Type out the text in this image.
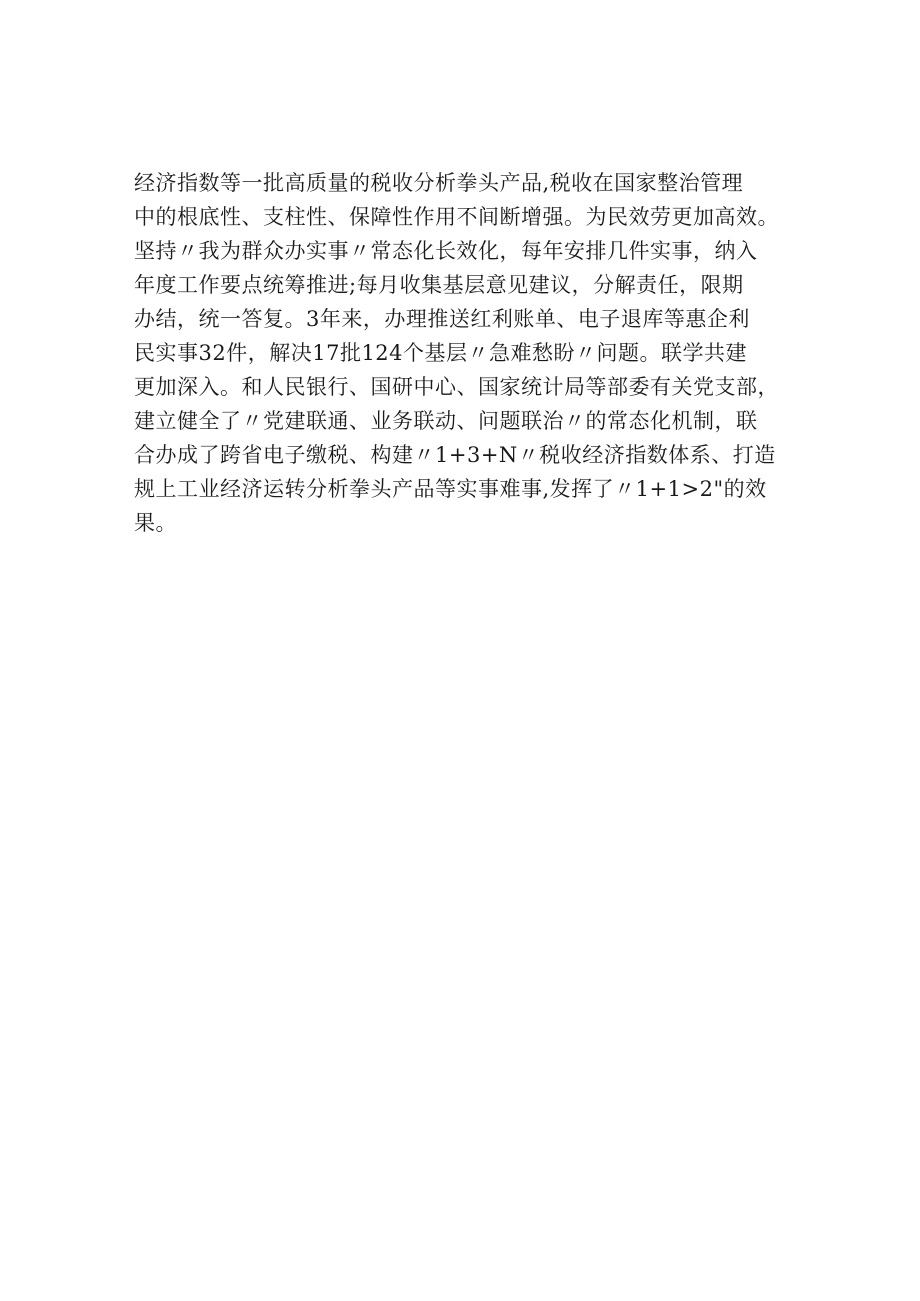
经济指数等一批高质量的税收分析拳头产品,税收在国家整治管理
中的根底性、支柱性、保障性作用不间断增强。为民效劳更加高效。
坚持〃我为群众办实事〃常态化长效化，每年安排几件实事，纳入
年度工作要点统筹推进;每月收集基层意见建议，分解责任，限期
办结，统一答复。3年来，办理推送红利账单、电子退库等惠企利
民实事32件，解决17批124个基层〃急难愁盼〃问题。联学共建
更加深入。和人民银行、国研中心、国家统计局等部委有关党支部，
建立健全了〃党建联通、业务联动、问题联治〃的常态化机制，联
合办成了跨省电子缴税、构建〃1+3+N〃税收经济指数体系、打造
规上工业经济运转分析拳头产品等实事难事,发挥了〃1+1>2"的效
果。
